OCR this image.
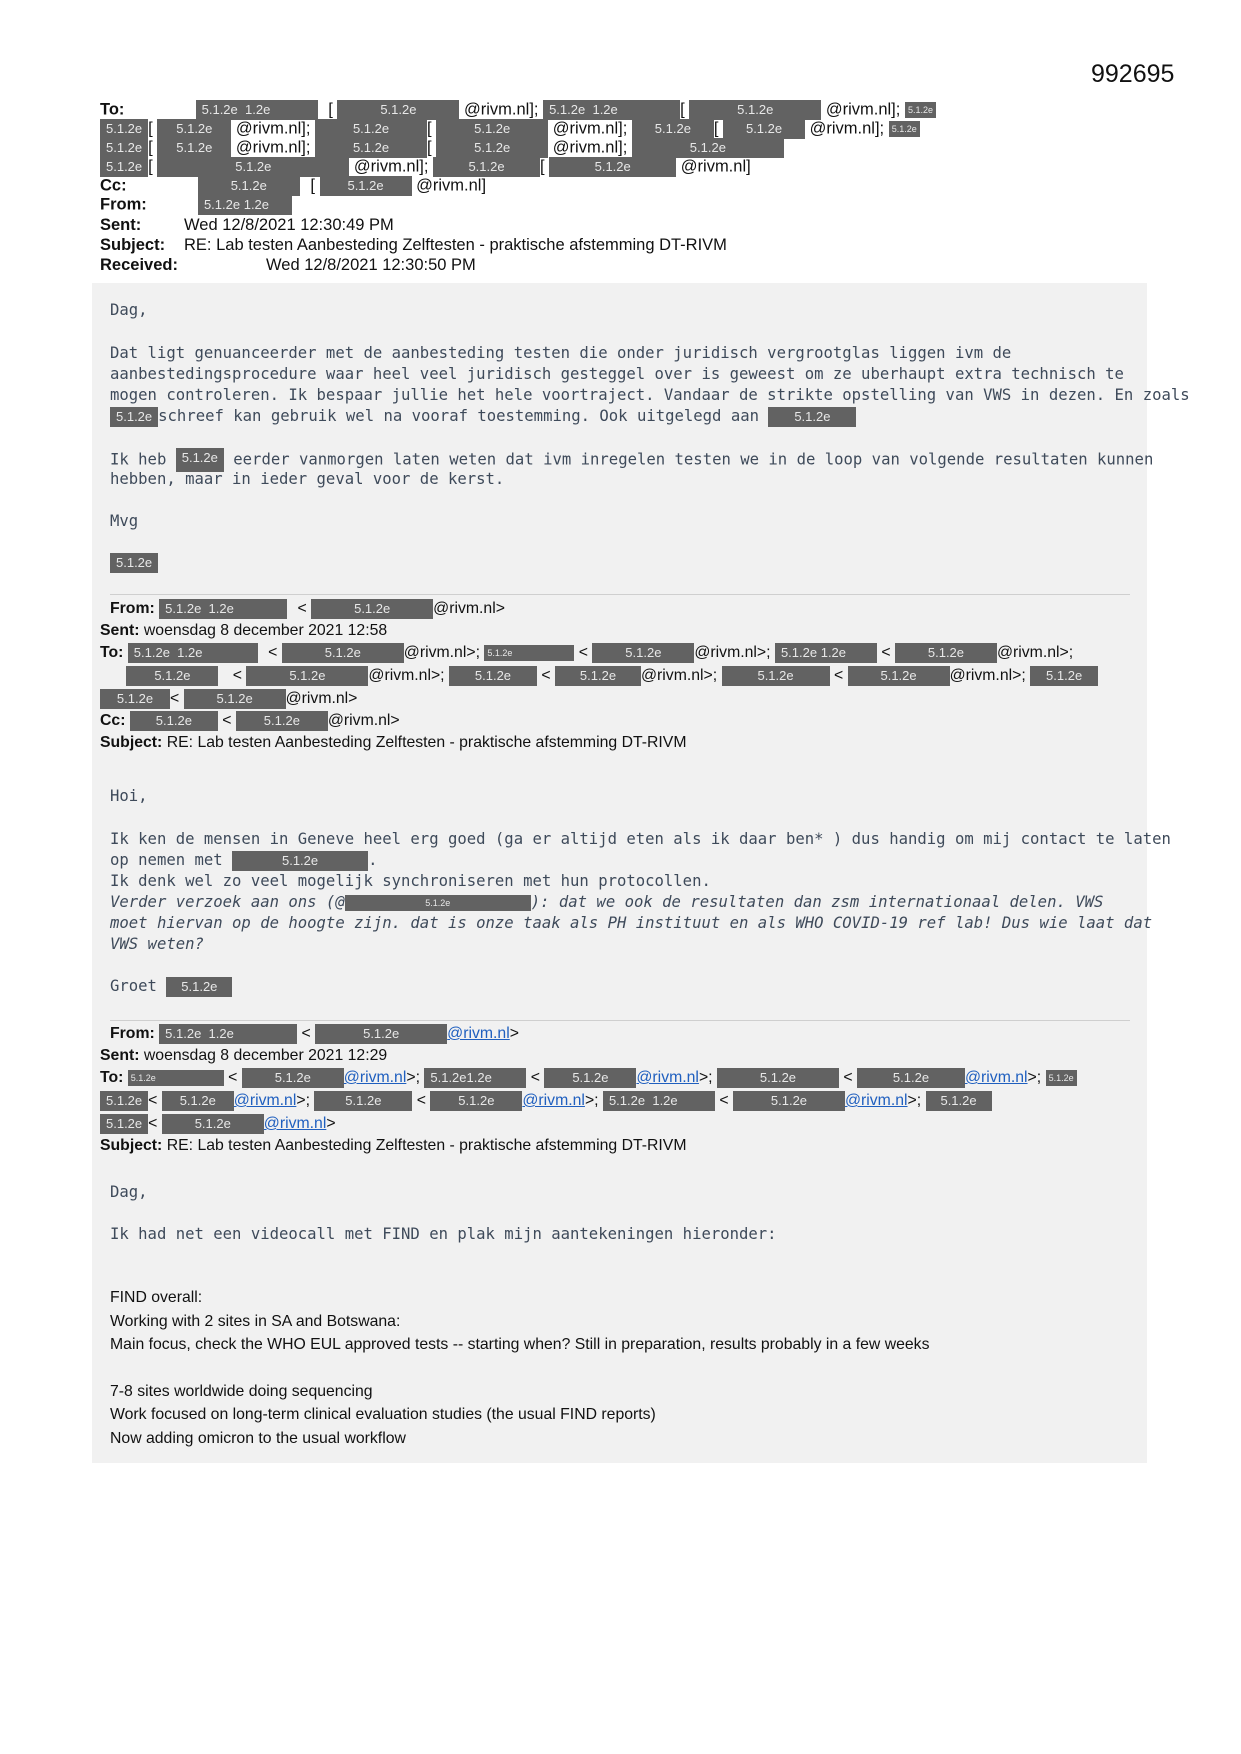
992695
To:	5.1.2e 1.2e	[	5.1.2e	@rivm.nl]; 5.1.2e 1.2e	[	5.1.2e	@rivm.nl]; 5.1.2e
5.1.2e [ 5.1.2e @rivm.nl];	5.1.2e [	5.1.2e	@rivm.nl]; 5.1.2e [ 5.1.2e @rivm.nl]; 5.1.2e
5.1.2e [ 5.1.2e @rivm.nl];	5.1.2e [	5.1.2e	@rivm.nl];	5.1.2e
5.1.2e [	5.1.2e	@rivm.nl];	5.1.2e [	5.1.2e	@rivm.nl]
Cc:	5.1.2e	[ 5.1.2e @rivm.nl]
From:	5.1.2e 1.2e
Sent:	Wed 12/8/2021 12:30:49 PM
Subject: RE: Lab testen Aanbesteding Zelftesten - praktische afstemming DT-RIVM
Received:	Wed 12/8/2021 12:30:50 PM
Dag,
Dat ligt genuanceerder met de aanbesteding testen die onder juridisch vergrootglas liggen ivm de
aanbestedingsprocedure waar heel veel juridisch gesteggel over is geweest om ze uberhaupt extra technisch te
mogen controleren. Ik bespaar jullie het hele voortraject. Vandaar de strikte opstelling van VWS in dezen. En zoals
5.1.2e schreef kan gebruik wel na vooraf toestemming. Ook uitgelegd aan	5.1.2e
Ik heb 5.1.2e eerder vanmorgen laten weten dat ivm inregelen testen we in de loop van volgende resultaten kunnen
hebben, maar in ieder geval voor de kerst.
Mvg
5.1.2e
From: 5.1.2e 1.2e	<	5.1.2e	@rivm.nl>
Sent: woensdag 8 december 2021 12:58
To: 5.1.2e 1.2e	<	5.1.2e	@rivm.nl>; 5.1.2e	<	5.1.2e @rivm.nl>; 5.1.2e 1.2e <	5.1.2e @rivm.nl>;
5.1.2e	<	5.1.2e	@rivm.nl>; 5.1.2e < 5.1.2e @rivm.nl>;	5.1.2e	<	5.1.2e @rivm.nl>; 5.1.2e
5.1.2e <	5.1.2e @rivm.nl>
Cc: 5.1.2e < 5.1.2e @rivm.nl>
Subject: RE: Lab testen Aanbesteding Zelftesten - praktische afstemming DT-RIVM
Hoi,
Ik ken de mensen in Geneve heel erg goed (ga er altijd eten als ik daar ben* ) dus handig om mij contact te laten
op nemen met	5.1.2e	.
Ik denk wel zo veel mogelijk synchroniseren met hun protocollen.
Verder verzoek aan ons (@	5.1.2e	): dat we ook de resultaten dan zsm internationaal delen. VWS
moet hiervan op de hoogte zijn. dat is onze taak als PH instituut en als WHO COVID-19 ref lab! Dus wie laat dat
VWS weten?
Groet 5.1.2e
From: 5.1.2e 1.2e	<	5.1.2e	@rivm.nl>
Sent: woensdag 8 december 2021 12:29
To: 5.1.2e	<	5.1.2e @rivm.nl>; 5.1.2e1.2e < 5.1.2e @rivm.nl>;	5.1.2e	<	5.1.2e @rivm.nl>; 5.1.2e
5.1.2e < 5.1.2e @rivm.nl>; 5.1.2e < 5.1.2e @rivm.nl>; 5.1.2e 1.2e	<	5.1.2e @rivm.nl>; 5.1.2e
5.1.2e <	5.1.2e @rivm.nl>
Subject: RE: Lab testen Aanbesteding Zelftesten - praktische afstemming DT-RIVM
Dag,
Ik had net een videocall met FIND en plak mijn aantekeningen hieronder:
FIND overall:
Working with 2 sites in SA and Botswana:
Main focus, check the WHO EUL approved tests -- starting when? Still in preparation, results probably in a few weeks
7-8 sites worldwide doing sequencing
Work focused on long-term clinical evaluation studies (the usual FIND reports)
Now adding omicron to the usual workflow
